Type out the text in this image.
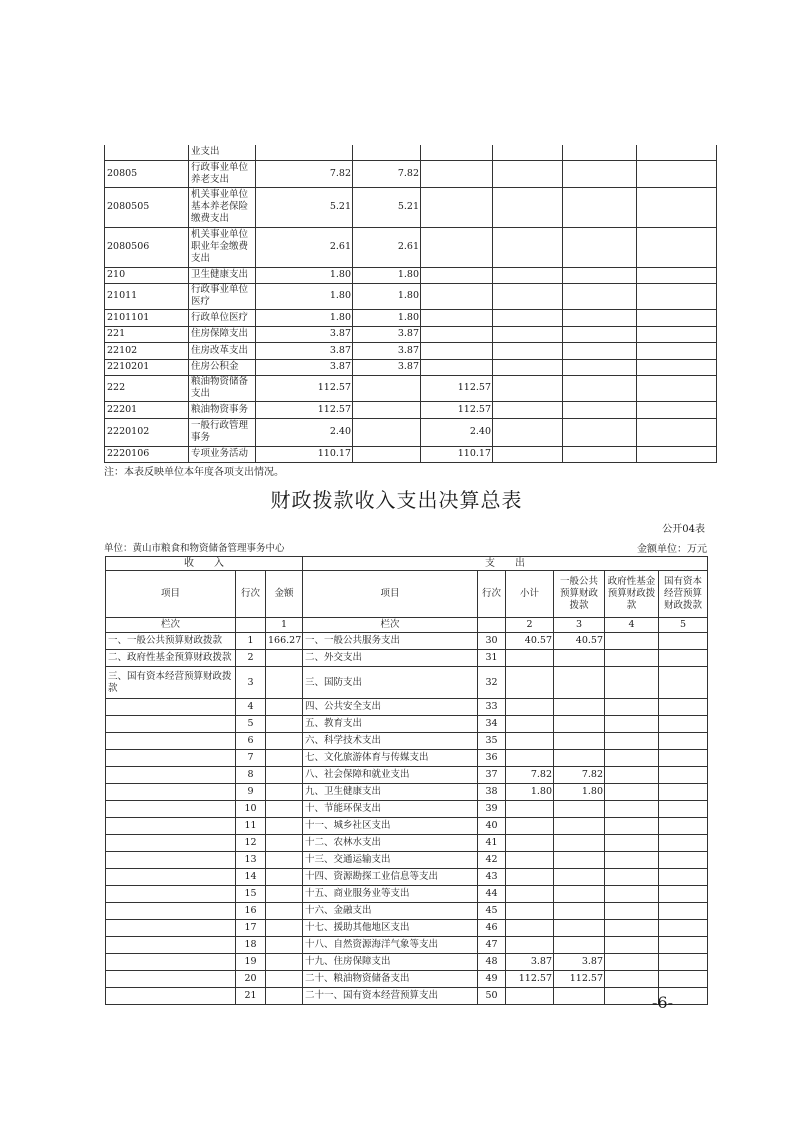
	业支出						
20805	行政事业单位养老支出	7.82	7.82				
2080505	机关事业单位基本养老保险缴费支出	5.21	5.21				
2080506	机关事业单位职业年金缴费支出	2.61	2.61				
210	卫生健康支出	1.80	1.80				
21011	行政事业单位医疗	1.80	1.80				
2101101	行政单位医疗	1.80	1.80				
221	住房保障支出	3.87	3.87				
22102	住房改革支出	3.87	3.87				
2210201	住房公积金	3.87	3.87				
222	粮油物资储备支出	112.57		112.57			
22201	粮油物资事务	112.57		112.57			
2220102	一般行政管理事务	2.40		2.40			
2220106	专项业务活动	110.17		110.17			
注：本表反映单位本年度各项支出情况。
财政拨款收入支出决算总表
公开04表
单位：黄山市粮食和物资储备管理事务中心	金额单位：万元
收　　入			支　　出					
项目	行次	金额	项目	行次	小计	一般公共预算财政拨款	政府性基金预算财政拨款	国有资本经营预算财政拨款
栏次		1	栏次		2	3	4	5
一、一般公共预算财政拨款	1	166.27	一、一般公共服务支出	30	40.57	40.57		
二、政府性基金预算财政拨款	2		二、外交支出	31				
三、国有资本经营预算财政拨款	3		三、国防支出	32				
	4		四、公共安全支出	33				
	5		五、教育支出	34				
	6		六、科学技术支出	35				
	7		七、文化旅游体育与传媒支出	36				
	8		八、社会保障和就业支出	37	7.82	7.82		
	9		九、卫生健康支出	38	1.80	1.80		
	10		十、节能环保支出	39				
	11		十一、城乡社区支出	40				
	12		十二、农林水支出	41				
	13		十三、交通运输支出	42				
	14		十四、资源勘探工业信息等支出	43				
	15		十五、商业服务业等支出	44				
	16		十六、金融支出	45				
	17		十七、援助其他地区支出	46				
	18		十八、自然资源海洋气象等支出	47				
	19		十九、住房保障支出	48	3.87	3.87		
	20		二十、粮油物资储备支出	49	112.57	112.57		
	21		二十一、国有资本经营预算支出	50					-6-
